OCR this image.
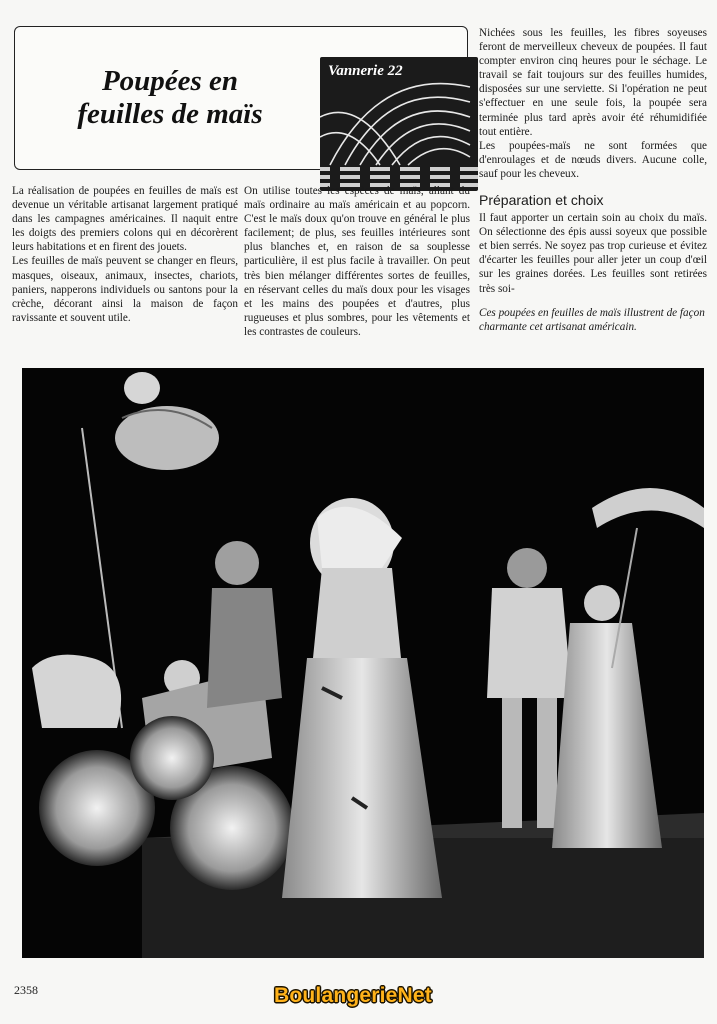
Poupées en
feuilles de maïs
Vannerie 22

La réalisation de poupées en feuilles de maïs est devenue un véritable artisanat largement pratiqué dans les campagnes américaines. Il naquit entre les doigts des premiers colons qui en décorèrent leurs habitations et en firent des jouets.

Les feuilles de maïs peuvent se changer en fleurs, masques, oiseaux, animaux, insectes, chariots, paniers, napperons individuels ou santons pour la crèche, décorant ainsi la maison de façon ravissante et souvent utile.

On utilise toutes les espèces de maïs, allant du maïs ordinaire au maïs américain et au popcorn. C'est le maïs doux qu'on trouve en général le plus facilement; de plus, ses feuilles intérieures sont plus blanches et, en raison de sa souplesse particulière, il est plus facile à travailler. On peut très bien mélanger différentes sortes de feuilles, en réservant celles du maïs doux pour les visages et les mains des poupées et d'autres, plus rugueuses et plus sombres, pour les vêtements et les contrastes de couleurs.

Nichées sous les feuilles, les fibres soyeuses feront de merveilleux cheveux de poupées. Il faut compter environ cinq heures pour le séchage. Le travail se fait toujours sur des feuilles humides, disposées sur une serviette. Si l'opération ne peut s'effectuer en une seule fois, la poupée sera terminée plus tard après avoir été réhumidifiée tout entière.

Les poupées-maïs ne sont formées que d'enroulages et de nœuds divers. Aucune colle, sauf pour les cheveux.

Préparation et choix

Il faut apporter un certain soin au choix du maïs. On sélectionne des épis aussi soyeux que possible et bien serrés. Ne soyez pas trop curieuse et évitez d'écarter les feuilles pour aller jeter un coup d'œil sur les graines dorées. Les feuilles sont retirées très soi-

Ces poupées en feuilles de maïs illustrent de façon charmante cet artisanat américain.

2358	BoulangerieNet
